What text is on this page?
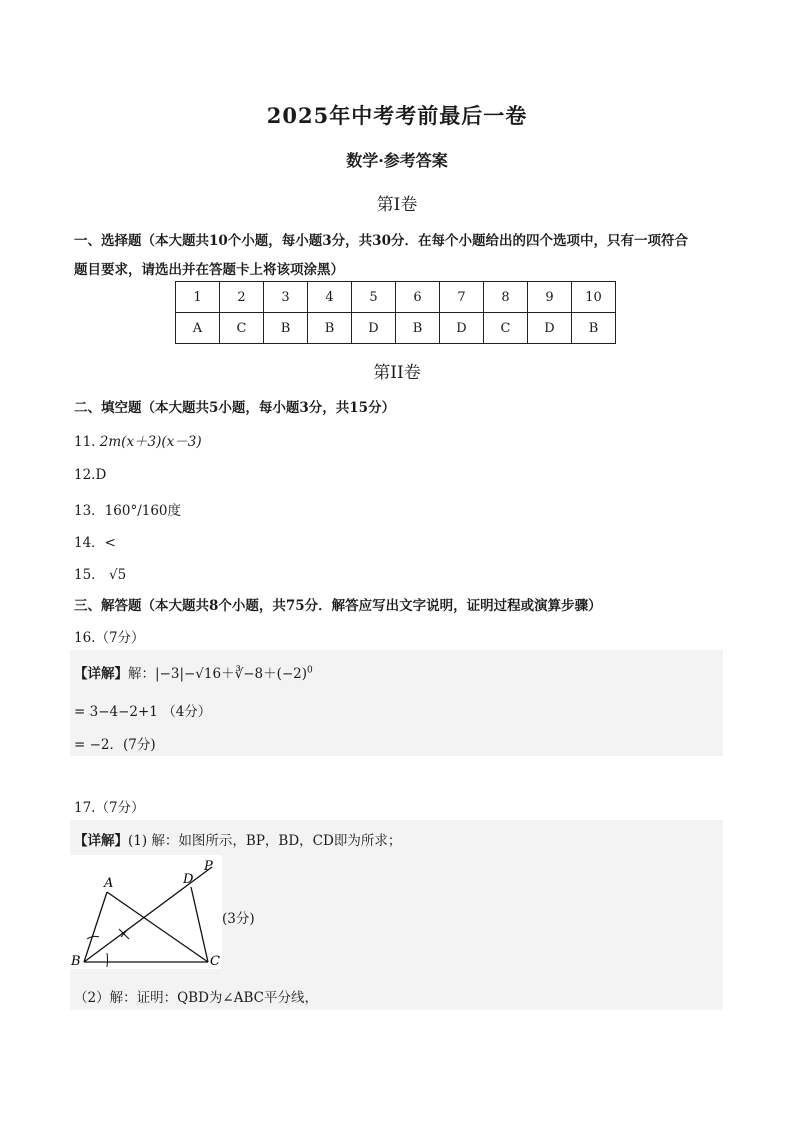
2025年中考考前最后一卷
数学·参考答案
第Ⅰ卷
一、选择题（本大题共10个小题，每小题3分，共30分．在每个小题给出的四个选项中，只有一项符合
题目要求，请选出并在答题卡上将该项涂黑）
1	2	3	4	5	6	7	8	9	10
A	C	B	B	D	B	D	C	D	B
第II卷
二、填空题（本大题共5小题，每小题3分，共15分）
11. 2m(x＋3)(x－3)
12.D
13．160°/160度
14．<
15． √5
三、解答题（本大题共8个小题，共75分．解答应写出文字说明，证明过程或演算步骤）
16.（7分）
【详解】解：$|-3|-√16+∛-8+(-2)^0$
= 3−4−2+1 （4分）
= −2．(7分)
17.（7分）
【详解】(1) 解：如图所示，BP，BD，CD即为所求；
A
B	C
D
P
(3分)
（2）解：证明：QBD为∠ABC平分线，
